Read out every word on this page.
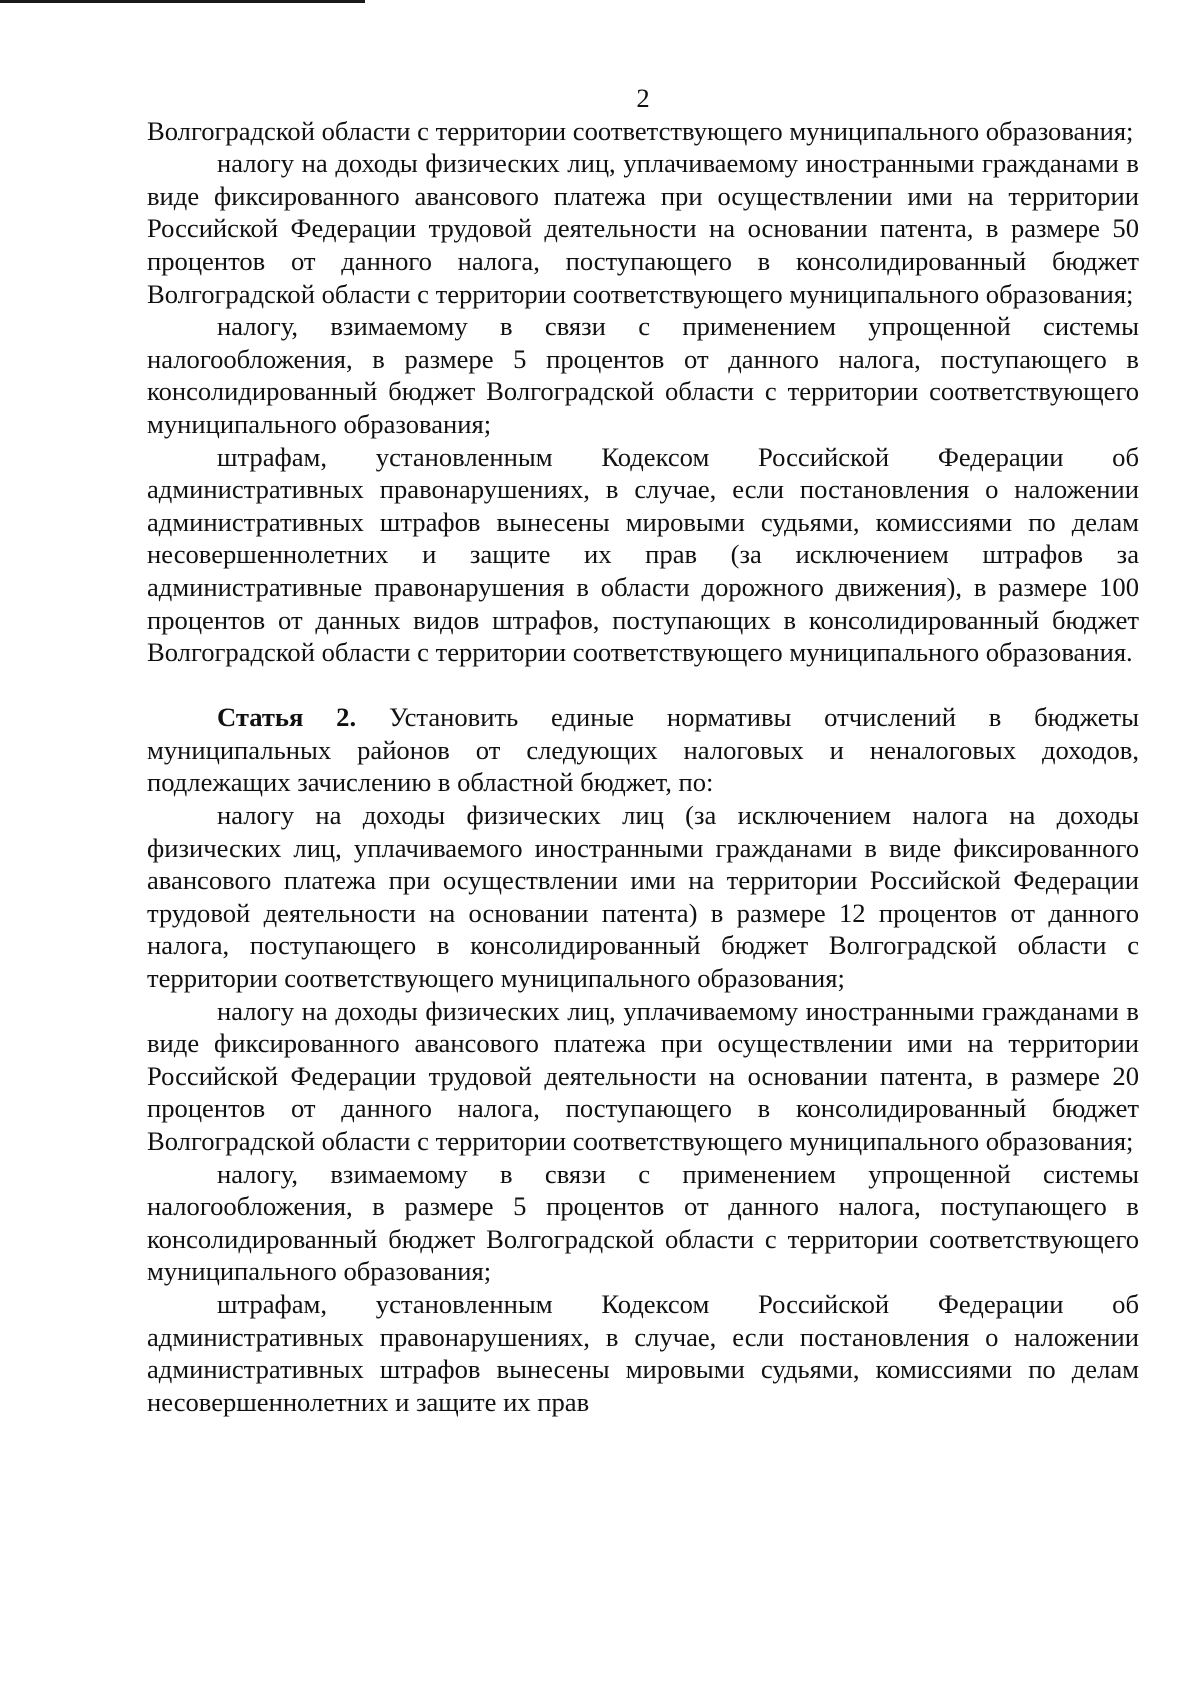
2

Волгоградской области с территории соответствующего муниципального образования;

налогу на доходы физических лиц, уплачиваемому иностранными гражданами в виде фиксированного авансового платежа при осуществлении ими на территории Российской Федерации трудовой деятельности на основании патента, в размере 50 процентов от данного налога, поступающего в консолидированный бюджет Волгоградской области с территории соответствующего муниципального образования;

налогу, взимаемому в связи с применением упрощенной системы налогообложения, в размере 5 процентов от данного налога, поступающего в консолидированный бюджет Волгоградской области с территории соответствующего муниципального образования;

штрафам, установленным Кодексом Российской Федерации об административных правонарушениях, в случае, если постановления о наложении административных штрафов вынесены мировыми судьями, комиссиями по делам несовершеннолетних и защите их прав (за исключением штрафов за административные правонарушения в области дорожного движения), в размере 100 процентов от данных видов штрафов, поступающих в консолидированный бюджет Волгоградской области с территории соответствующего муниципального образования.

Статья 2. Установить единые нормативы отчислений в бюджеты муниципальных районов от следующих налоговых и неналоговых доходов, подлежащих зачислению в областной бюджет, по:

налогу на доходы физических лиц (за исключением налога на доходы физических лиц, уплачиваемого иностранными гражданами в виде фиксированного авансового платежа при осуществлении ими на территории Российской Федерации трудовой деятельности на основании патента) в размере 12 процентов от данного налога, поступающего в консолидированный бюджет Волгоградской области с территории соответствующего муниципального образования;

налогу на доходы физических лиц, уплачиваемому иностранными гражданами в виде фиксированного авансового платежа при осуществлении ими на территории Российской Федерации трудовой деятельности на основании патента, в размере 20 процентов от данного налога, поступающего в консолидированный бюджет Волгоградской области с территории соответствующего муниципального образования;

налогу, взимаемому в связи с применением упрощенной системы налогообложения, в размере 5 процентов от данного налога, поступающего в консолидированный бюджет Волгоградской области с территории соответствующего муниципального образования;

штрафам, установленным Кодексом Российской Федерации об административных правонарушениях, в случае, если постановления о наложении административных штрафов вынесены мировыми судьями, комиссиями по делам несовершеннолетних и защите их прав
